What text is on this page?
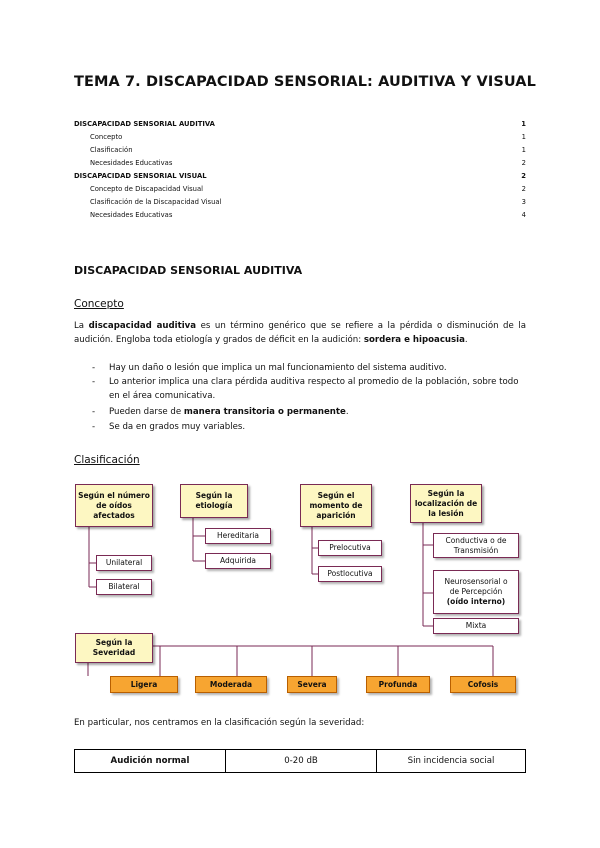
TEMA 7. DISCAPACIDAD SENSORIAL: AUDITIVA Y VISUAL
DISCAPACIDAD SENSORIAL AUDITIVA	1
Concepto	1
Clasificación	1
Necesidades Educativas	2
DISCAPACIDAD SENSORIAL VISUAL	2
Concepto de Discapacidad Visual	2
Clasificación de la Discapacidad Visual	3
Necesidades Educativas	4
DISCAPACIDAD SENSORIAL AUDITIVA
Concepto
La discapacidad auditiva es un término genérico que se refiere a la pérdida o disminución de la audición. Engloba toda etiología y grados de déficit en la audición: sordera e hipoacusia.
- Hay un daño o lesión que implica un mal funcionamiento del sistema auditivo.
- Lo anterior implica una clara pérdida auditiva respecto al promedio de la población, sobre todo en el área comunicativa.
- Pueden darse de manera transitoria o permanente.
- Se da en grados muy variables.
Clasificación
Según el número de oídos afectados
Según la etiología
Según el momento de aparición
Según la localización de la lesión
Según la Severidad
Unilateral
Bilateral
Hereditaria
Adquirida
Prelocutiva
Postlocutiva
Conductiva o de Transmisión
Neurosensorial o de Percepción
(oído interno)
Mixta
Ligera	Moderada	Severa	Profunda	Cofosis
En particular, nos centramos en la clasificación según la severidad:
Audición normal	0-20 dB	Sin incidencia social
